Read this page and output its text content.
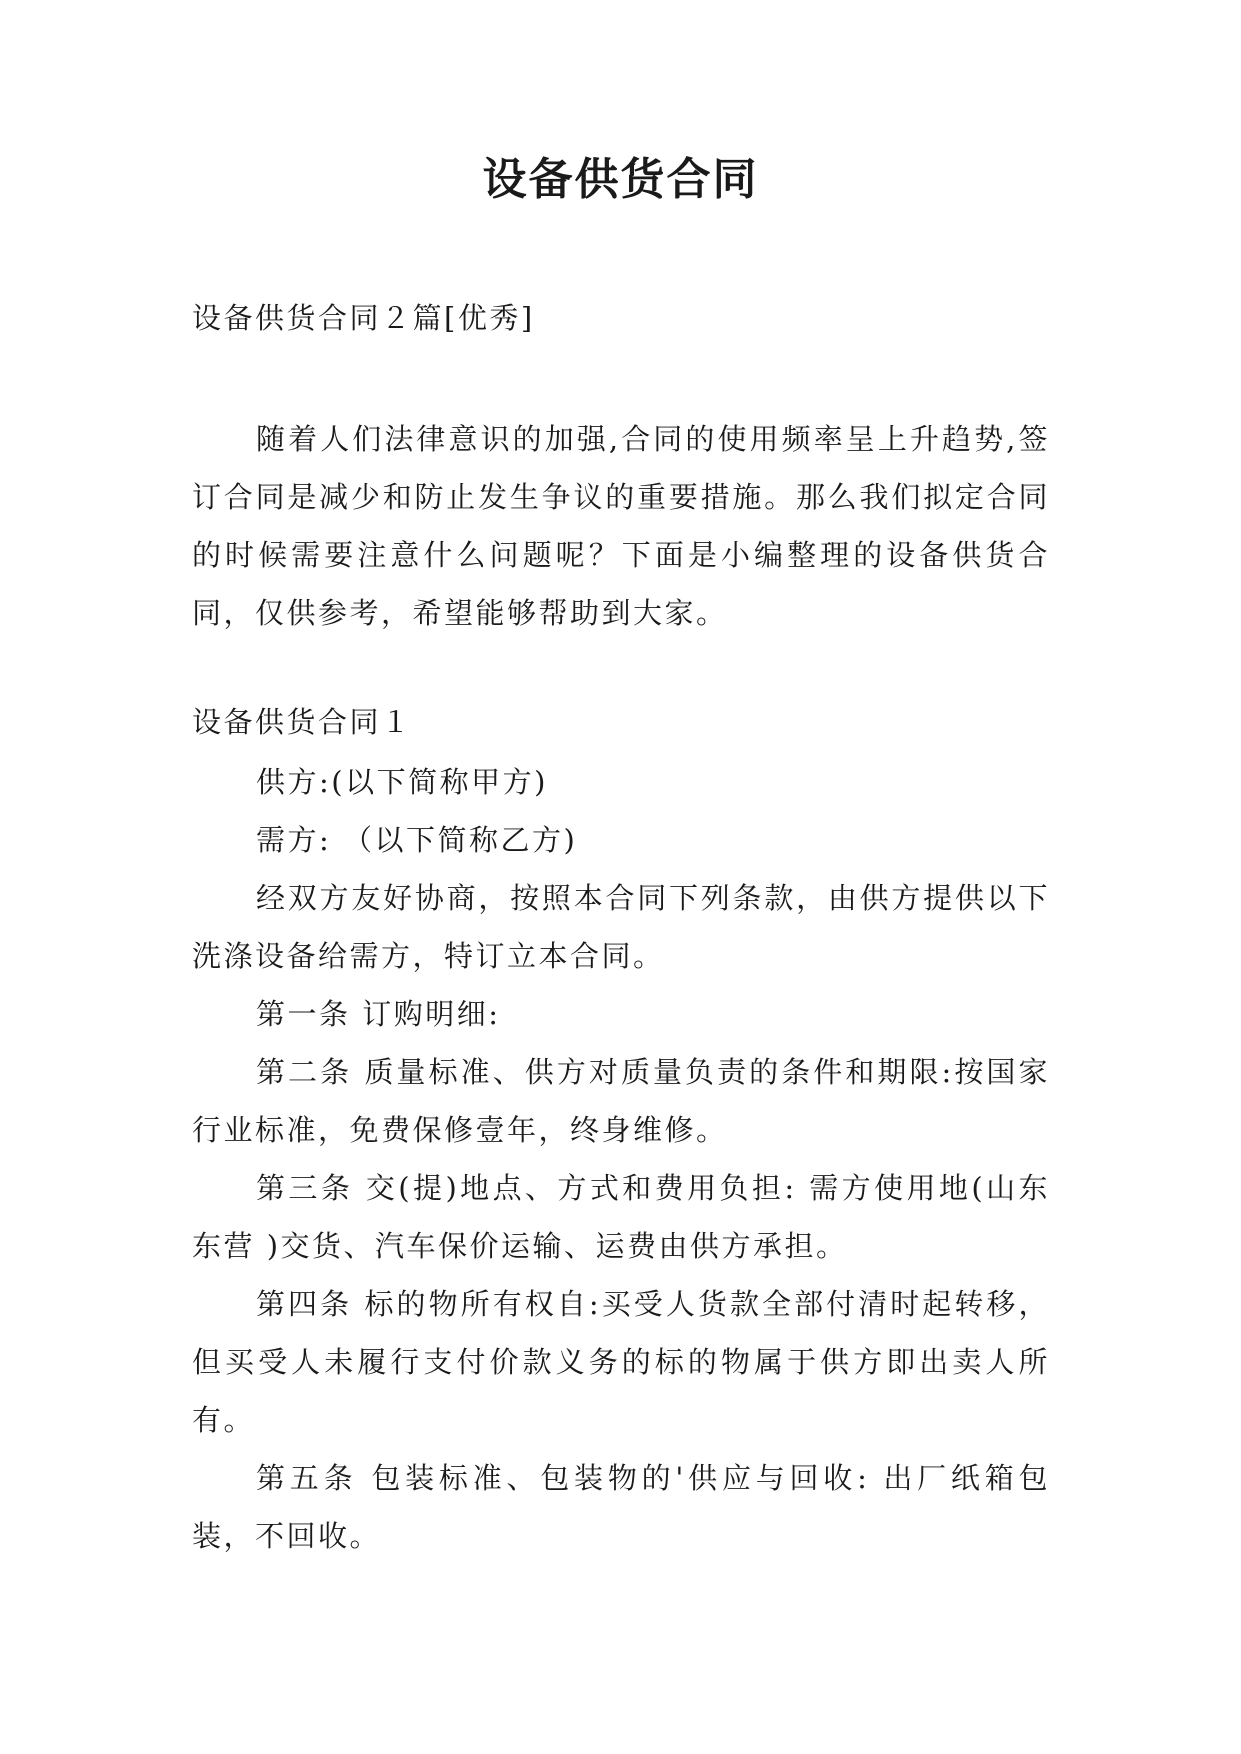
设备供货合同

设备供货合同２篇[优秀]

随着人们法律意识的加强,合同的使用频率呈上升趋势,签订合同是减少和防止发生争议的重要措施。那么我们拟定合同的时候需要注意什么问题呢？下面是小编整理的设备供货合同，仅供参考，希望能够帮助到大家。

设备供货合同１

供方:(以下简称甲方)

需方: （以下简称乙方)

经双方友好协商，按照本合同下列条款，由供方提供以下洗涤设备给需方，特订立本合同。

第一条 订购明细:

第二条 质量标准、供方对质量负责的条件和期限:按国家行业标准，免费保修壹年，终身维修。

第三条 交(提)地点、方式和费用负担: 需方使用地(山东东营 )交货、汽车保价运输、运费由供方承担。

第四条 标的物所有权自:买受人货款全部付清时起转移，但买受人未履行支付价款义务的标的物属于供方即出卖人所有。

第五条 包装标准、包装物的'供应与回收: 出厂纸箱包装，不回收。
